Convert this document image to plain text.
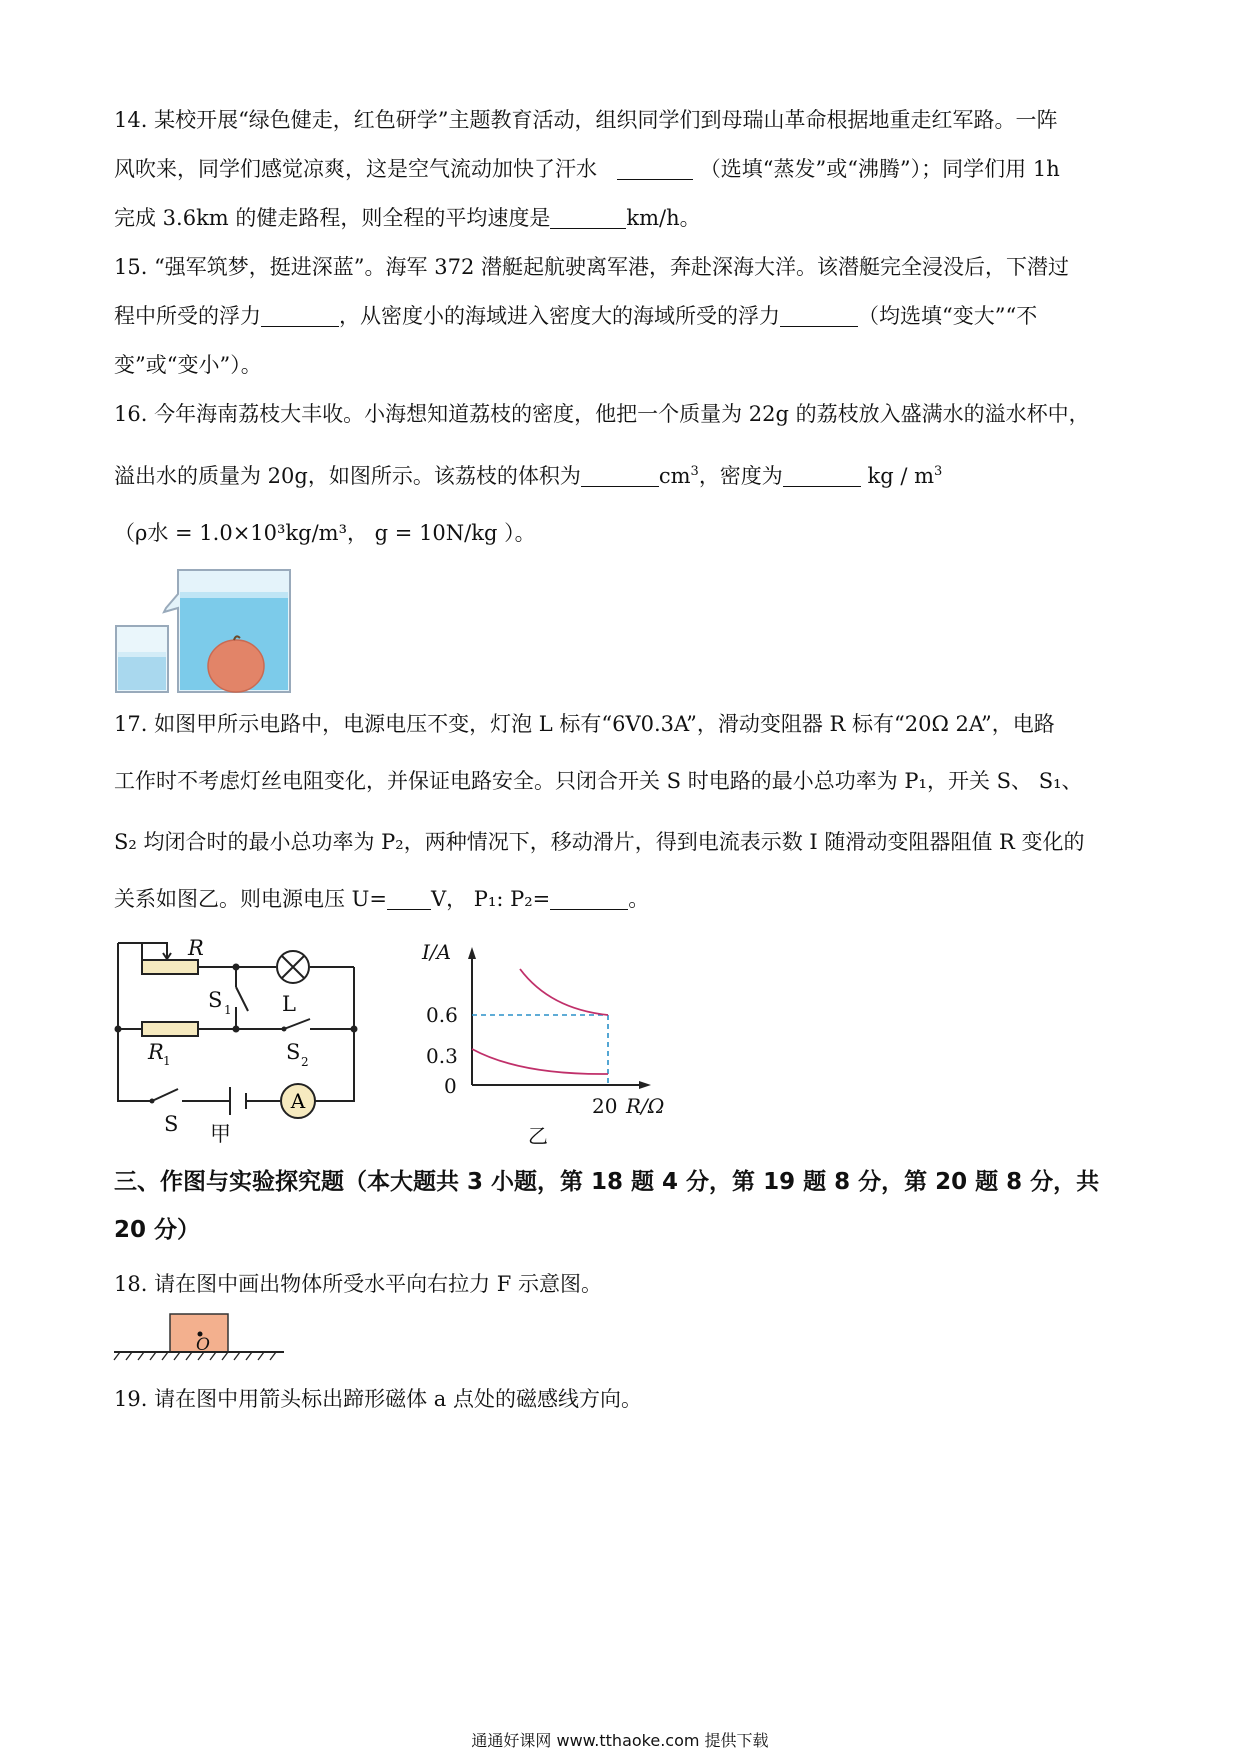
14. 某校开展“绿色健走，红色研学”主题教育活动，组织同学们到母瑞山革命根据地重走红军路。一阵
风吹来，同学们感觉凉爽，这是空气流动加快了汗水	（选填“蒸发”或“沸腾”）；同学们用 1h
完成 3.6km 的健走路程，则全程的平均速度是	km/h。
15. “强军筑梦，挺进深蓝”。海军 372 潜艇起航驶离军港，奔赴深海大洋。该潜艇完全浸没后，下潜过
程中所受的浮力	，从密度小的海域进入密度大的海域所受的浮力	（均选填“变大”“不
变”或“变小”）。
16. 今年海南荔枝大丰收。小海想知道荔枝的密度，他把一个质量为 22g 的荔枝放入盛满水的溢水杯中，
溢出水的质量为 20g，如图所示。该荔枝的体积为	$cm^3$，密度为	kg / $m^3$
（ρ水 = 1.0×10³kg/m³， g = 10N/kg ）。
17. 如图甲所示电路中，电源电压不变，灯泡 L 标有“6V0.3A”，滑动变阻器 R 标有“20Ω 2A”，电路
工作时不考虑灯丝电阻变化，并保证电路安全。只闭合开关 S 时电路的最小总功率为 P₁，开关 S、 S₁、
S₂ 均闭合时的最小总功率为 P₂，两种情况下，移动滑片，得到电流表示数 I 随滑动变阻器阻值 R 变化的
关系如图乙。则电源电压 U= V， P₁: P₂=	。
A
R
S 1 L
R 1	S 2
S 甲
I/A
0.6
0.3
0
20 R/Ω
乙
三、作图与实验探究题（本大题共 3 小题，第 18 题 4 分，第 19 题 8 分，第 20 题 8 分，共
20 分）
18. 请在图中画出物体所受水平向右拉力 F 示意图。
O
19. 请在图中用箭头标出蹄形磁体 a 点处的磁感线方向。
通通好课网 www.tthaoke.com 提供下载
